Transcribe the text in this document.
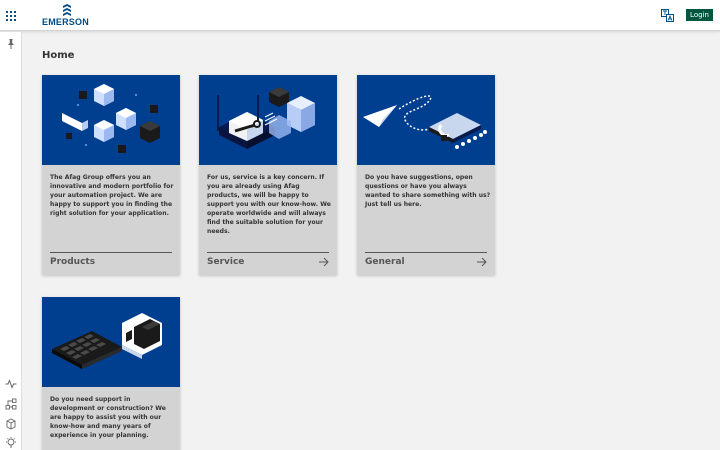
EMERSON
Login
Home
The Afag Group offers you an innovative and modern portfolio for your automation project. We are happy to support you in finding the right solution for your application.
Products
For us, service is a key concern. If you are already using Afag products, we will be happy to support you with our know-how. We operate worldwide and will always find the suitable solution for your needs.
Service
Do you have suggestions, open questions or have you always wanted to share something with us? Just tell us here.
General
Do you need support in development or construction? We are happy to assist you with our know-how and many years of experience in your planning.
